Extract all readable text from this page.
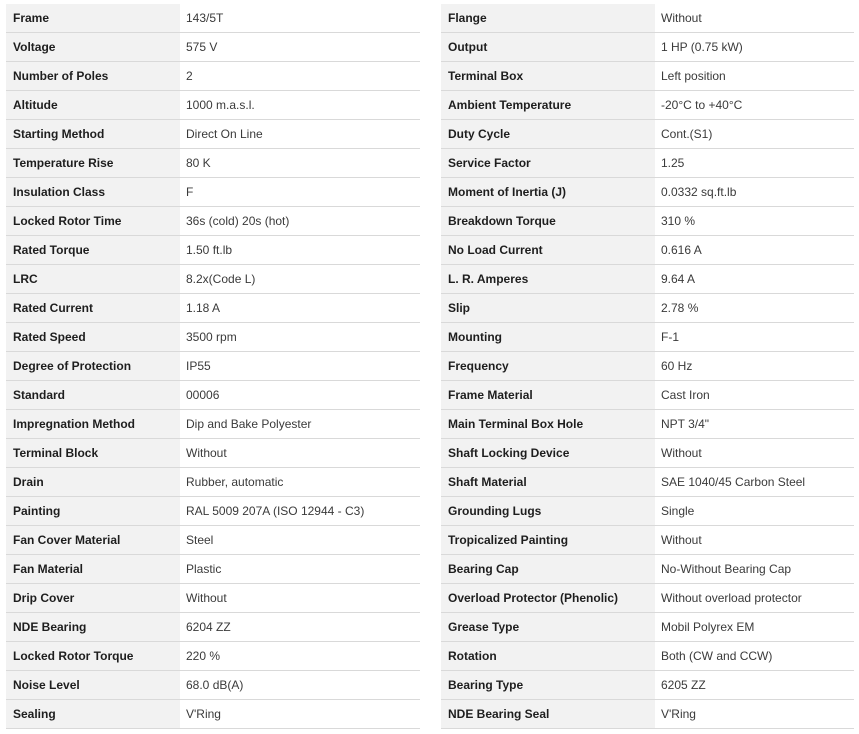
Frame	143/5T
Voltage	575 V
Number of Poles	2
Altitude	1000 m.a.s.l.
Starting Method	Direct On Line
Temperature Rise	80 K
Insulation Class	F
Locked Rotor Time	36s (cold) 20s (hot)
Rated Torque	1.50 ft.lb
LRC	8.2x(Code L)
Rated Current	1.18 A
Rated Speed	3500 rpm
Degree of Protection	IP55
Standard	00006
Impregnation Method	Dip and Bake Polyester
Terminal Block	Without
Drain	Rubber, automatic
Painting	RAL 5009 207A (ISO 12944 - C3)
Fan Cover Material	Steel
Fan Material	Plastic
Drip Cover	Without
NDE Bearing	6204 ZZ
Locked Rotor Torque	220 %
Noise Level	68.0 dB(A)
Sealing	V'Ring
Flange	Without
Output	1 HP (0.75 kW)
Terminal Box	Left position
Ambient Temperature	-20°C to +40°C
Duty Cycle	Cont.(S1)
Service Factor	1.25
Moment of Inertia (J)	0.0332 sq.ft.lb
Breakdown Torque	310 %
No Load Current	0.616 A
L. R. Amperes	9.64 A
Slip	2.78 %
Mounting	F-1
Frequency	60 Hz
Frame Material	Cast Iron
Main Terminal Box Hole	NPT 3/4"
Shaft Locking Device	Without
Shaft Material	SAE 1040/45 Carbon Steel
Grounding Lugs	Single
Tropicalized Painting	Without
Bearing Cap	No-Without Bearing Cap
Overload Protector (Phenolic)	Without overload protector
Grease Type	Mobil Polyrex EM
Rotation	Both (CW and CCW)
Bearing Type	6205 ZZ
NDE Bearing Seal	V'Ring
